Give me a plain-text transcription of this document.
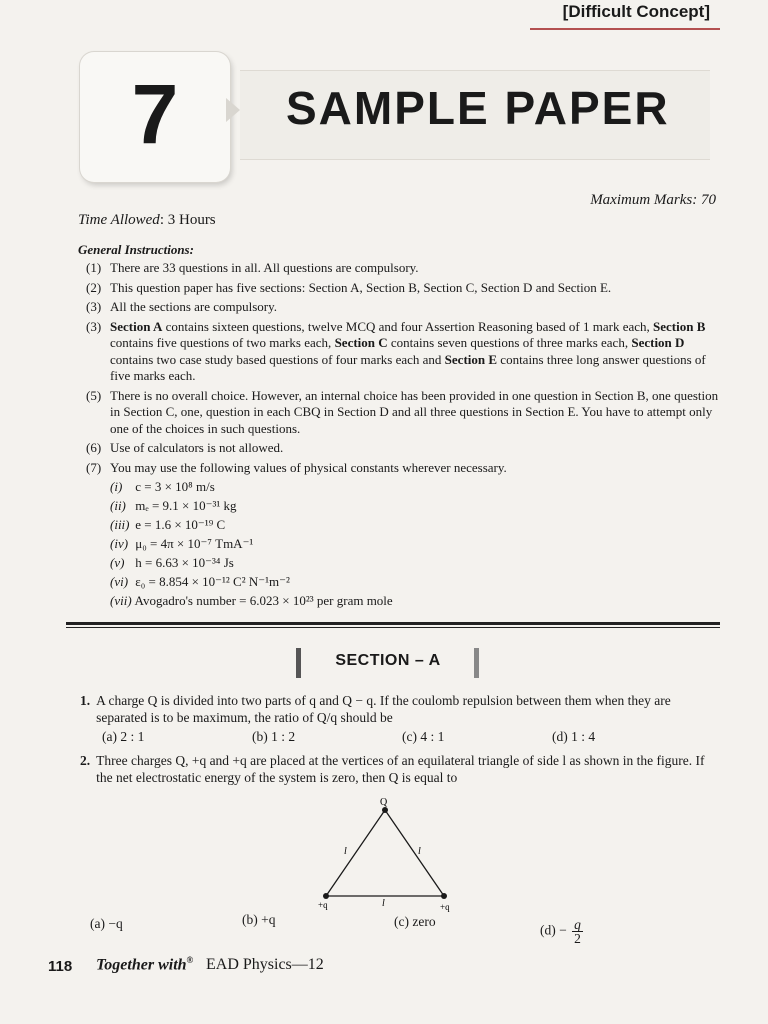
[Difficult Concept]
SAMPLE PAPER
7
Maximum Marks: 70
Time Allowed: 3 Hours
General Instructions:
(1) There are 33 questions in all. All questions are compulsory.
(2) This question paper has five sections: Section A, Section B, Section C, Section D and Section E.
(3) All the sections are compulsory.
(3) Section A contains sixteen questions, twelve MCQ and four Assertion Reasoning based of 1 mark each, Section B contains five questions of two marks each, Section C contains seven questions of three marks each, Section D contains two case study based questions of four marks each and Section E contains three long answer questions of five marks each.
(5) There is no overall choice. However, an internal choice has been provided in one question in Section B, one question in Section C, one, question in each CBQ in Section D and all three questions in Section E. You have to attempt only one of the choices in such questions.
(6) Use of calculators is not allowed.
(7) You may use the following values of physical constants wherever necessary.
(i) c = 3 × 10⁸ m/s
(ii) mₑ = 9.1 × 10⁻³¹ kg
(iii) e = 1.6 × 10⁻¹⁹ C
(iv) μ₀ = 4π × 10⁻⁷ TmA⁻¹
(v) h = 6.63 × 10⁻³⁴ Js
(vi) ε₀ = 8.854 × 10⁻¹² C² N⁻¹m⁻²
(vii) Avogadro's number = 6.023 × 10²³ per gram mole
SECTION – A
1. A charge Q is divided into two parts of q and Q − q. If the coulomb repulsion between them when they are separated is to be maximum, the ratio of Q/q should be
(a) 2 : 1	(b) 1 : 2	(c) 4 : 1	(d) 1 : 4
2. Three charges Q, +q and +q are placed at the vertices of an equilateral triangle of side l as shown in the figure. If the net electrostatic energy of the system is zero, then Q is equal to
Q
+q	+q
l	l
l
(a) −q	(b) +q	(c) zero
$(d) - \frac{q}{2}$
118 Together with® EAD Physics—12
